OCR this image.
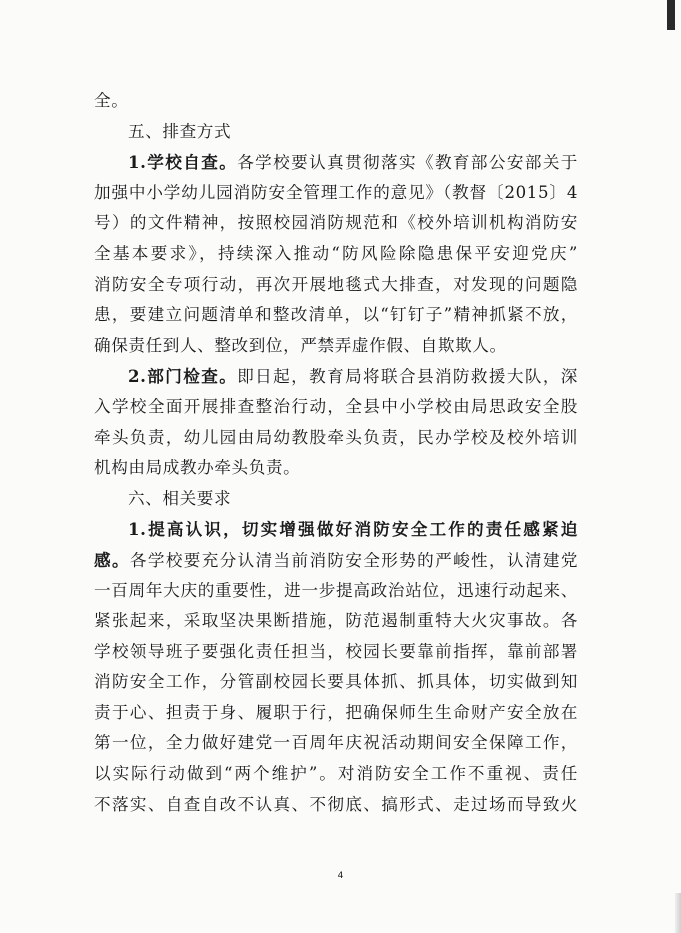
全。
五、排查方式
1.学校自查。各学校要认真贯彻落实《教育部公安部关于
加强中小学幼儿园消防安全管理工作的意见》（教督〔2015〕4
号）的文件精神，按照校园消防规范和《校外培训机构消防安
全基本要求》，持续深入推动“防风险除隐患保平安迎党庆”
消防安全专项行动，再次开展地毯式大排查，对发现的问题隐
患，要建立问题清单和整改清单，以“钉钉子”精神抓紧不放，
确保责任到人、整改到位，严禁弄虚作假、自欺欺人。
2.部门检查。即日起，教育局将联合县消防救援大队，深
入学校全面开展排查整治行动，全县中小学校由局思政安全股
牵头负责，幼儿园由局幼教股牵头负责，民办学校及校外培训
机构由局成教办牵头负责。
六、相关要求
1.提高认识，切实增强做好消防安全工作的责任感紧迫
感。各学校要充分认清当前消防安全形势的严峻性，认清建党
一百周年大庆的重要性，进一步提高政治站位，迅速行动起来、
紧张起来，采取坚决果断措施，防范遏制重特大火灾事故。各
学校领导班子要强化责任担当，校园长要靠前指挥，靠前部署
消防安全工作，分管副校园长要具体抓、抓具体，切实做到知
责于心、担责于身、履职于行，把确保师生生命财产安全放在
第一位，全力做好建党一百周年庆祝活动期间安全保障工作，
以实际行动做到“两个维护”。对消防安全工作不重视、责任
不落实、自查自改不认真、不彻底、搞形式、走过场而导致火
4
